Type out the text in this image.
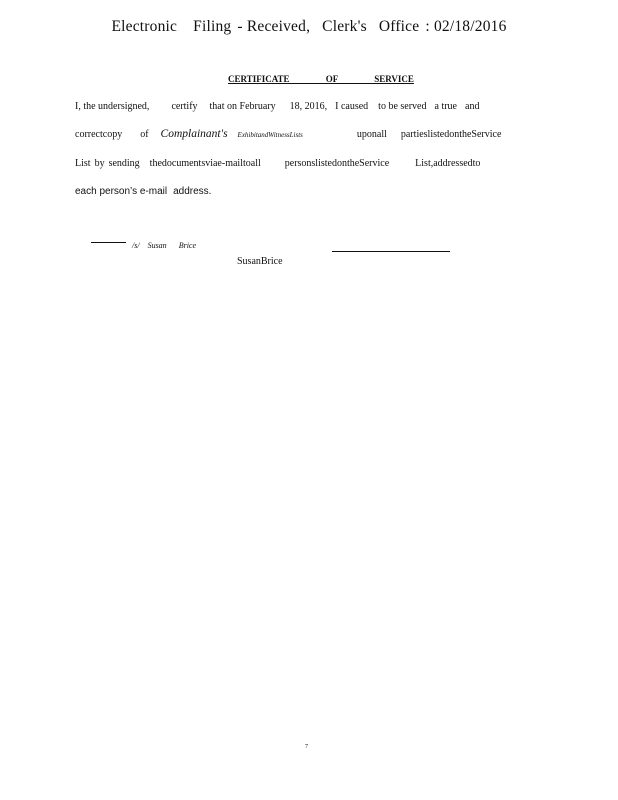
Electronic Filing - Received, Clerk's Office : 02/18/2016
CERTIFICATE OF SERVICE
I, the undersigned, certify that on February 18, 2016, I caused to be served a true and
correctcopy of Complainant's ExhibitandWitnessLists	uponall partieslistedontheService
List by sending thedocumentsviae-mailtoall personslistedontheService	List,addressedto
each person’s e-mail address.
/s/ Susan Brice
SusanBrice
7
